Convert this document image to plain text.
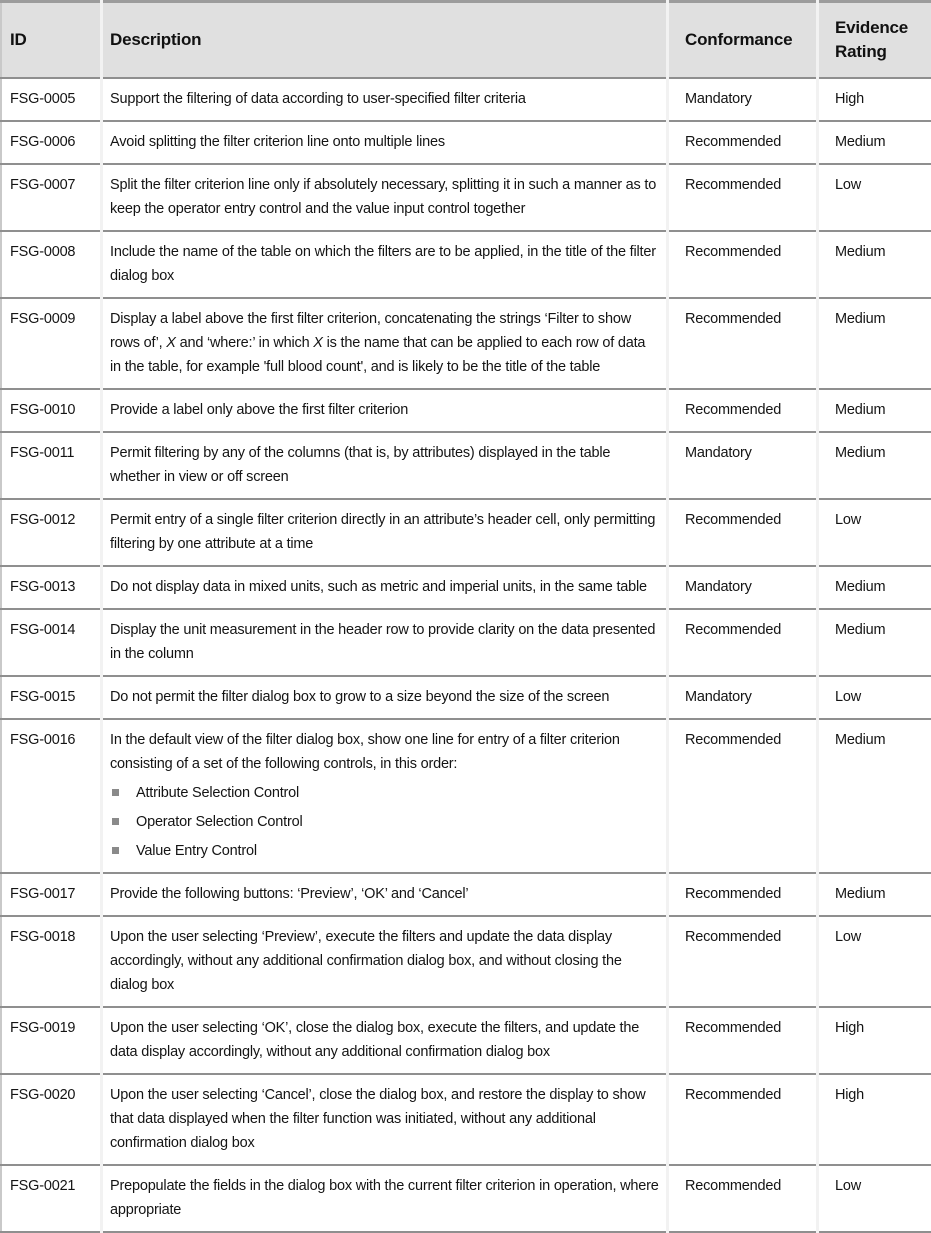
ID	Description	Conformance	Evidence Rating
FSG-0005	Support the filtering of data according to user-specified filter criteria	Mandatory	High
FSG-0006	Avoid splitting the filter criterion line onto multiple lines	Recommended	Medium
FSG-0007	Split the filter criterion line only if absolutely necessary, splitting it in such a manner as to keep the operator entry control and the value input control together	Recommended	Low
FSG-0008	Include the name of the table on which the filters are to be applied, in the title of the filter dialog box	Recommended	Medium
FSG-0009	Display a label above the first filter criterion, concatenating the strings ‘Filter to show rows of’, X and ‘where:’ in which X is the name that can be applied to each row of data in the table, for example 'full blood count', and is likely to be the title of the table	Recommended	Medium
FSG-0010	Provide a label only above the first filter criterion	Recommended	Medium
FSG-0011	Permit filtering by any of the columns (that is, by attributes) displayed in the table whether in view or off screen	Mandatory	Medium
FSG-0012	Permit entry of a single filter criterion directly in an attribute’s header cell, only permitting filtering by one attribute at a time	Recommended	Low
FSG-0013	Do not display data in mixed units, such as metric and imperial units, in the same table	Mandatory	Medium
FSG-0014	Display the unit measurement in the header row to provide clarity on the data presented in the column	Recommended	Medium
FSG-0015	Do not permit the filter dialog box to grow to a size beyond the size of the screen	Mandatory	Low
FSG-0016	In the default view of the filter dialog box, show one line for entry of a filter criterion consisting of a set of the following controls, in this order:
Attribute Selection Control
Operator Selection Control
Value Entry Control	Recommended	Medium
FSG-0017	Provide the following buttons: ‘Preview’, ‘OK’ and ‘Cancel’	Recommended	Medium
FSG-0018	Upon the user selecting ‘Preview’, execute the filters and update the data display accordingly, without any additional confirmation dialog box, and without closing the dialog box	Recommended	Low
FSG-0019	Upon the user selecting ‘OK’, close the dialog box, execute the filters, and update the data display accordingly, without any additional confirmation dialog box	Recommended	High
FSG-0020	Upon the user selecting ‘Cancel’, close the dialog box, and restore the display to show that data displayed when the filter function was initiated, without any additional confirmation dialog box	Recommended	High
FSG-0021	Prepopulate the fields in the dialog box with the current filter criterion in operation, where appropriate	Recommended	Low
